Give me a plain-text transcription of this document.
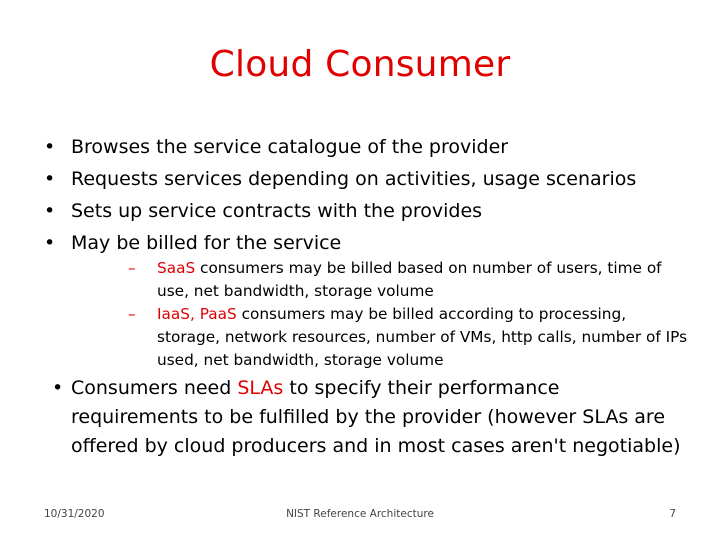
Cloud Consumer
• Browses the service catalogue of the provider
• Requests services depending on activities, usage scenarios
• Sets up service contracts with the provides
• May be billed for the service
– SaaS consumers may be billed based on number of users, time of use, net bandwidth, storage volume
– IaaS, PaaS consumers may be billed according to processing, storage, network resources, number of VMs, http calls, number of IPs used, net bandwidth, storage volume
• Consumers need SLAs to specify their performance requirements to be fulfilled by the provider (however SLAs are offered by cloud producers and in most cases aren't negotiable)
10/31/2020	NIST Reference Architecture	7
